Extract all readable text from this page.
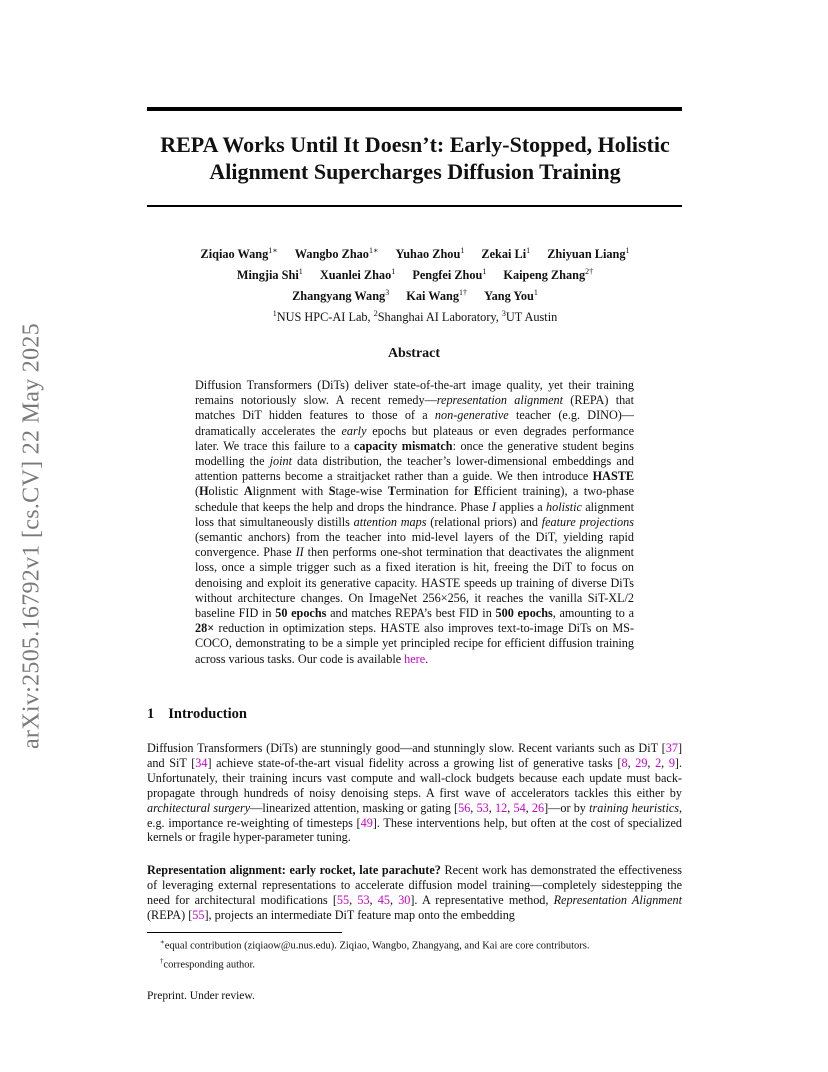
arXiv:2505.16792v1 [cs.CV] 22 May 2025
REPA Works Until It Doesn’t: Early-Stopped, Holistic
Alignment Supercharges Diffusion Training
Ziqiao Wang$^{1∗}$ Wangbo Zhao$^{1∗}$ Yuhao Zhou$^1$ Zekai Li$^1$ Zhiyuan Liang$^1$
Mingjia Shi$^1$ Xuanlei Zhao$^1$ Pengfei Zhou$^1$ Kaipeng Zhang$^{2\dagger}$
Zhangyang Wang$^3$ Kai Wang$^{1\dagger}$ Yang You$^1$
$^1$NUS HPC-AI Lab, $^2$Shanghai AI Laboratory, $^3$UT Austin
Abstract
Diffusion Transformers (DiTs) deliver state-of-the-art image quality, yet their training remains notoriously slow. A recent remedy—representation alignment (REPA) that matches DiT hidden features to those of a non-generative teacher (e.g. DINO)—dramatically accelerates the early epochs but plateaus or even degrades performance later. We trace this failure to a capacity mismatch: once the generative student begins modelling the joint data distribution, the teacher’s lower-dimensional embeddings and attention patterns become a straitjacket rather than a guide. We then introduce HASTE (Holistic Alignment with Stage-wise Termination for Efficient training), a two-phase schedule that keeps the help and drops the hindrance. Phase I applies a holistic alignment loss that simultaneously distills attention maps (relational priors) and feature projections (semantic anchors) from the teacher into mid-level layers of the DiT, yielding rapid convergence. Phase II then performs one-shot termination that deactivates the alignment loss, once a simple trigger such as a fixed iteration is hit, freeing the DiT to focus on denoising and exploit its generative capacity. HASTE speeds up training of diverse DiTs without architecture changes. On ImageNet 256×256, it reaches the vanilla SiT-XL/2 baseline FID in 50 epochs and matches REPA’s best FID in 500 epochs, amounting to a 28× reduction in optimization steps. HASTE also improves text-to-image DiTs on MS-COCO, demonstrating to be a simple yet principled recipe for efficient diffusion training across various tasks. Our code is available here.
1 Introduction
Diffusion Transformers (DiTs) are stunningly good—and stunningly slow. Recent variants such as DiT [37] and SiT [34] achieve state-of-the-art visual fidelity across a growing list of generative tasks [8, 29, 2, 9]. Unfortunately, their training incurs vast compute and wall-clock budgets because each update must back-propagate through hundreds of noisy denoising steps. A first wave of accelerators tackles this either by architectural surgery—linearized attention, masking or gating [56, 53, 12, 54, 26]—or by training heuristics, e.g. importance re-weighting of timesteps [49]. These interventions help, but often at the cost of specialized kernels or fragile hyper-parameter tuning.
Representation alignment: early rocket, late parachute? Recent work has demonstrated the effectiveness of leveraging external representations to accelerate diffusion model training—completely sidestepping the need for architectural modifications [55, 53, 45, 30]. A representative method, Representation Alignment (REPA) [55], projects an intermediate DiT feature map onto the embedding
∗equal contribution (ziqiaow@u.nus.edu). Ziqiao, Wangbo, Zhangyang, and Kai are core contributors.
†corresponding author.
Preprint. Under review.
